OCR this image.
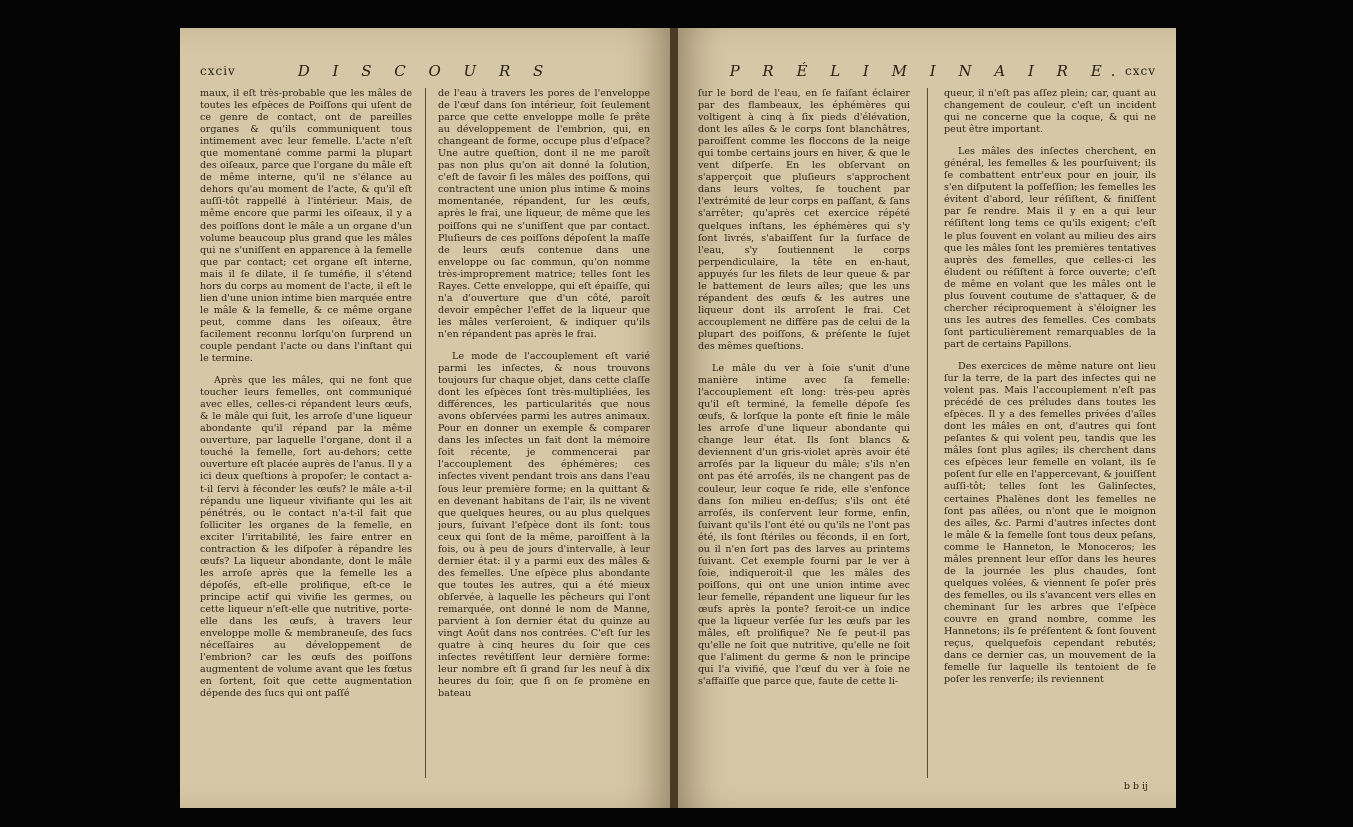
cxciv	D I S C O U R S

maux, il eſt très-probable que les mâles de toutes les eſpèces de Poiſſons qui uſent de ce genre de contact, ont de pareilles organes & qu'ils communiquent tous intimement avec leur femelle. L'acte n'eſt que momentané comme parmi la plupart des oiſeaux, parce que l'organe du mâle eſt de même interne, qu'il ne s'élance au dehors qu'au moment de l'acte, & qu'il eſt auſſi-tôt rappellé à l'intérieur. Mais, de même encore que parmi les oiſeaux, il y a des poiſſons dont le mâle a un organe d'un volume beaucoup plus grand que les mâles qui ne s'uniſſent en apparence à la femelle que par contact; cet organe eſt interne, mais il ſe dilate, il ſe tuméfie, il s'étend hors du corps au moment de l'acte, il eſt le lien d'une union intime bien marquée entre le mâle & la femelle, & ce même organe peut, comme dans les oiſeaux, être facilement reconnu lorſqu'on ſurprend un couple pendant l'acte ou dans l'inſtant qui le termine.

Après que les mâles, qui ne font que toucher leurs femelles, ont communiqué avec elles, celles-ci répandent leurs œufs, & le mâle qui ſuit, les arroſe d'une liqueur abondante qu'il répand par la même ouverture, par laquelle l'organe, dont il a touché la femelle, ſort au-dehors; cette ouverture eſt placée auprès de l'anus. Il y a ici deux queſtions à propoſer; le contact a-t-il ſervi à féconder les œufs? le mâle a-t-il répandu une liqueur vivifiante qui les ait pénétrés, ou le contact n'a-t-il fait que ſolliciter les organes de la femelle, en exciter l'irritabilité, les faire entrer en contraction & les diſpoſer à répandre les œufs? La liqueur abondante, dont le mâle les arroſe après que la femelle les a dépoſés, eſt-elle prolifique, eſt-ce le principe actif qui vivifie les germes, ou cette liqueur n'eſt-elle que nutritive, porte-elle dans les œufs, à travers leur enveloppe molle & membraneuſe, des ſucs néceſſaires au développement de l'embrion? car les œufs des poiſſons augmentent de volume avant que les fœtus en ſortent, ſoit que cette augmentation dépende des ſucs qui ont paſſé

de l'eau à travers les pores de l'enveloppe de l'œuf dans ſon intérieur, ſoit ſeulement parce que cette enveloppe molle ſe prête au développement de l'embrion, qui, en changeant de forme, occupe plus d'eſpace? Une autre queſtion, dont il ne me paroît pas non plus qu'on ait donné la ſolution, c'eſt de ſavoir ſi les mâles des poiſſons, qui contractent une union plus intime & moins momentanée, répandent, ſur les œufs, après le frai, une liqueur, de même que les poiſſons qui ne s'uniſſent que par contact. Pluſieurs de ces poiſſons dépoſent la maſſe de leurs œufs contenue dans une enveloppe ou ſac commun, qu'on nomme très-improprement matrice; telles ſont les Rayes. Cette enveloppe, qui eſt épaiſſe, qui n'a d'ouverture que d'un côté, paroît devoir empêcher l'effet de la liqueur que les mâles verſeroient, & indiquer qu'ils n'en répandent pas après le frai.

Le mode de l'accouplement eſt varié parmi les inſectes, & nous trouvons toujours ſur chaque objet, dans cette claſſe dont les eſpèces ſont très-multipliées, les différences, les particularités que nous avons obſervées parmi les autres animaux. Pour en donner un exemple & comparer dans les inſectes un fait dont la mémoire ſoit récente, je commencerai par l'accouplement des éphémères; ces inſectes vivent pendant trois ans dans l'eau ſous leur première forme; en la quittant & en devenant habitans de l'air, ils ne vivent que quelques heures, ou au plus quelques jours, ſuivant l'eſpèce dont ils ſont: tous ceux qui ſont de la même, paroiſſent à la fois, ou à peu de jours d'intervalle, à leur dernier état: il y a parmi eux des mâles & des femelles. Une eſpèce plus abondante que toutes les autres, qui a été mieux obſervée, à laquelle les pêcheurs qui l'ont remarquée, ont donné le nom de Manne, parvient à ſon dernier état du quinze au vingt Août dans nos contrées. C'eſt ſur les quatre à cinq heures du ſoir que ces inſectes revêtiſſent leur dernière forme: leur nombre eſt ſi grand ſur les neuf à dix heures du ſoir, que ſi on ſe promène en bateau

P R É L I M I N A I R E. cxcv

ſur le bord de l'eau, en ſe faiſant éclairer par des flambeaux, les éphémères qui voltigent à cinq à ſix pieds d'élévation, dont les aîles & le corps ſont blanchâtres, paroiſſent comme les floccons de la neige qui tombe certains jours en hiver, & que le vent diſperſe. En les obſervant on s'apperçoit que pluſieurs s'approchent dans leurs voltes, ſe touchent par l'extrémité de leur corps en paſſant, & ſans s'arrêter; qu'après cet exercice répété quelques inſtans, les éphémères qui s'y ſont livrés, s'abaiſſent ſur la ſurface de l'eau, s'y ſoutiennent le corps perpendiculaire, la tête en en-haut, appuyés ſur les filets de leur queue & par le battement de leurs aîles; que les uns répandent des œufs & les autres une liqueur dont ils arroſent le frai. Cet accouplement ne diffère pas de celui de la plupart des poiſſons, & préſente le ſujet des mêmes queſtions.

Le mâle du ver à ſoie s'unit d'une manière intime avec ſa femelle: l'accouplement eſt long: très-peu après qu'il eſt terminé, la femelle dépoſe ſes œufs, & lorſque la ponte eſt finie le mâle les arroſe d'une liqueur abondante qui change leur état. Ils ſont blancs & deviennent d'un gris-violet après avoir été arroſés par la liqueur du mâle; s'ils n'en ont pas été arroſés, ils ne changent pas de couleur, leur coque ſe ride, elle s'enfonce dans ſon milieu en-deſſus; s'ils ont été arroſés, ils conſervent leur forme, enfin, ſuivant qu'ils l'ont été ou qu'ils ne l'ont pas été, ils ſont ſtériles ou féconds, il en ſort, ou il n'en ſort pas des larves au printems ſuivant. Cet exemple fourni par le ver à ſoie, indiqueroit-il que les mâles des poiſſons, qui ont une union intime avec leur femelle, répandent une liqueur ſur les œufs après la ponte? ſeroit-ce un indice que la liqueur verſée ſur les œufs par les mâles, eſt prolifique? Ne ſe peut-il pas qu'elle ne ſoit que nutritive, qu'elle ne ſoit que l'aliment du germe & non le principe qui l'a vivifié, que l'œuf du ver à ſoie ne s'affaiſſe que parce que, faute de cette li-

queur, il n'eſt pas aſſez plein; car, quant au changement de couleur, c'eſt un incident qui ne concerne que la coque, & qui ne peut être important.

Les mâles des inſectes cherchent, en général, les femelles & les pourſuivent; ils ſe combattent entr'eux pour en jouir, ils s'en diſputent la poſſeſſion; les femelles les évitent d'abord, leur réſiſtent, & finiſſent par ſe rendre. Mais il y en a qui leur réſiſtent long tems ce qu'ils exigent; c'eſt le plus ſouvent en volant au milieu des airs que les mâles ſont les premières tentatives auprès des femelles, que celles-ci les éludent ou réſiſtent à force ouverte; c'eſt de même en volant que les mâles ont le plus ſouvent coutume de s'attaquer, & de chercher réciproquement à s'éloigner les uns les autres des femelles. Ces combats ſont particulièrement remarquables de la part de certains Papillons.

Des exercices de même nature ont lieu ſur la terre, de la part des inſectes qui ne volent pas. Mais l'accouplement n'eſt pas précédé de ces préludes dans toutes les eſpèces. Il y a des femelles privées d'aîles dont les mâles en ont, d'autres qui ſont peſantes & qui volent peu, tandis que les mâles ſont plus agiles; ils cherchent dans ces eſpèces leur femelle en volant, ils ſe poſent ſur elle en l'appercevant, & jouiſſent auſſi-tôt; telles ſont les Galinſectes, certaines Phalènes dont les femelles ne ſont pas aîlées, ou n'ont que le moignon des aîles, &c. Parmi d'autres inſectes dont le mâle & la femelle ſont tous deux peſans, comme le Hanneton, le Monoceros; les mâles prennent leur eſſor dans les heures de la journée les plus chaudes, ſont quelques volées, & viennent ſe poſer près des femelles, ou ils s'avancent vers elles en cheminant ſur les arbres que l'eſpèce couvre en grand nombre, comme les Hannetons; ils ſe préſentent & ſont ſouvent reçus, quelquefois cependant rebutés; dans ce dernier cas, un mouvement de la femelle ſur laquelle ils tentoient de ſe poſer les renverſe; ils reviennent

b b ij
